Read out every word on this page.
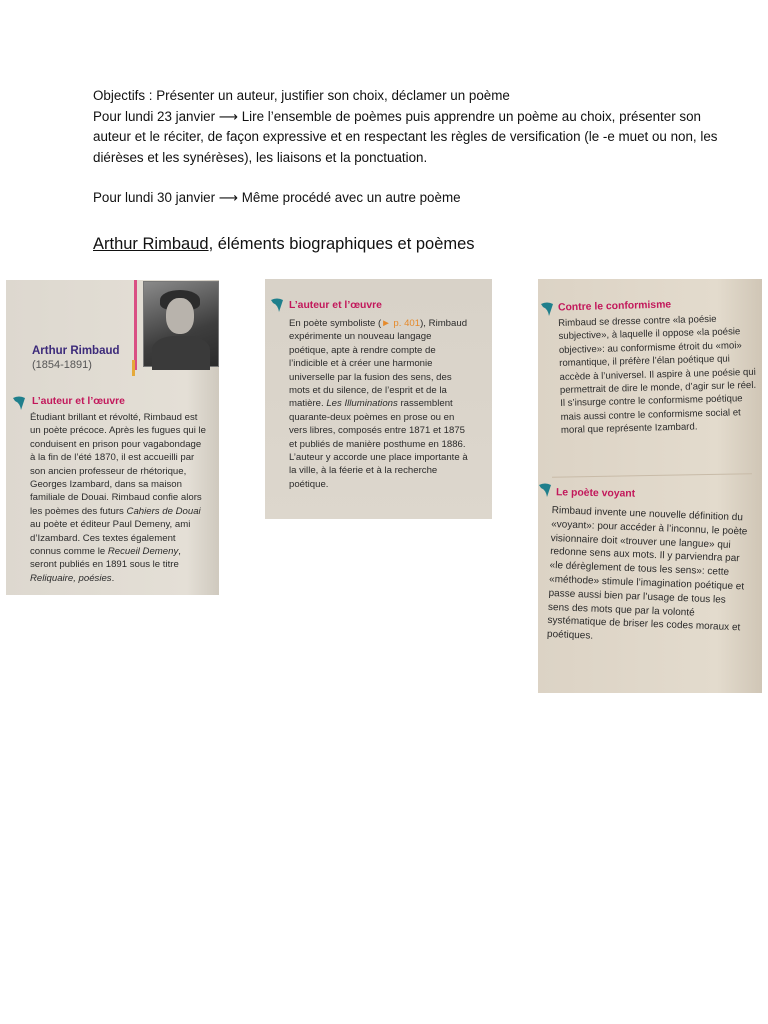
Objectifs : Présenter un auteur, justifier son choix, déclamer un poème

Pour lundi 23 janvier ⟶ Lire l’ensemble de poèmes puis apprendre un poème au choix, présenter son auteur et le réciter, de façon expressive et en respectant les règles de versification (le -e muet ou non, les diérèses et les synérèses), les liaisons et la ponctuation.

Pour lundi 30 janvier ⟶ Même procédé avec un autre poème

Arthur Rimbaud, éléments biographiques et poèmes
Arthur Rimbaud
(1854-1891)
L’auteur et l’œuvre
Étudiant brillant et révolté, Rimbaud est un poète précoce. Après les fugues qui le conduisent en prison pour vagabondage à la fin de l’été 1870, il est accueilli par son ancien professeur de rhétorique, Georges Izambard, dans sa maison familiale de Douai. Rimbaud confie alors les poèmes des futurs Cahiers de Douai au poète et éditeur Paul Demeny, ami d’Izambard. Ces textes également connus comme le Recueil Demeny, seront publiés en 1891 sous le titre Reliquaire, poésies.
L’auteur et l’œuvre
En poète symboliste (► p. 401), Rimbaud expérimente un nouveau langage poétique, apte à rendre compte de l’indicible et à créer une harmonie universelle par la fusion des sens, des mots et du silence, de l’esprit et de la matière. Les Illuminations rassemblent quarante-deux poèmes en prose ou en vers libres, composés entre 1871 et 1875 et publiés de manière posthume en 1886. L’auteur y accorde une place importante à la ville, à la féerie et à la recherche poétique.
Contre le conformisme
Rimbaud se dresse contre «la poésie subjective», à laquelle il oppose «la poésie objective»: au conformisme étroit du «moi» romantique, il préfère l’élan poétique qui accède à l’universel. Il aspire à une poésie qui permettrait de dire le monde, d’agir sur le réel. Il s’insurge contre le conformisme poétique mais aussi contre le conformisme social et moral que représente Izambard.
Le poète voyant
Rimbaud invente une nouvelle définition du «voyant»: pour accéder à l’inconnu, le poète visionnaire doit «trouver une langue» qui redonne sens aux mots. Il y parviendra par «le dérèglement de tous les sens»: cette «méthode» stimule l’imagination poétique et passe aussi bien par l’usage de tous les sens des mots que par la volonté systématique de briser les codes moraux et poétiques.
